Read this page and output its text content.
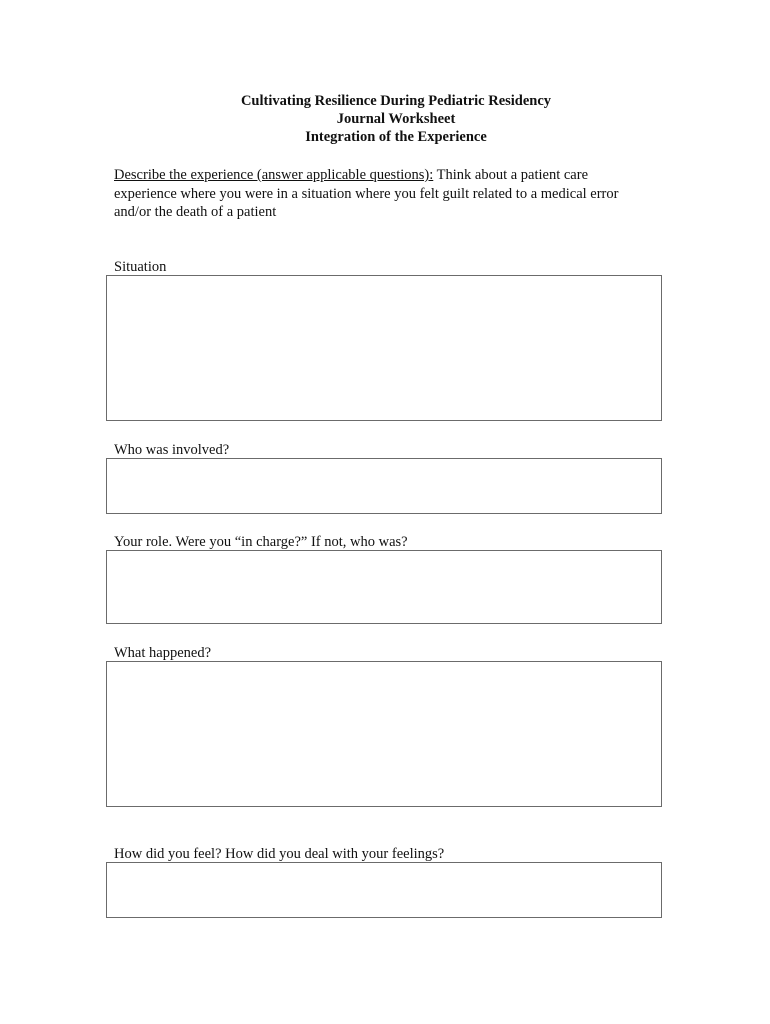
Cultivating Resilience During Pediatric Residency
Journal Worksheet
Integration of the Experience
Describe the experience (answer applicable questions): Think about a patient care experience where you were in a situation where you felt guilt related to a medical error and/or the death of a patient
Situation
Who was involved?
Your role. Were you “in charge?” If not, who was?
What happened?
How did you feel? How did you deal with your feelings?
